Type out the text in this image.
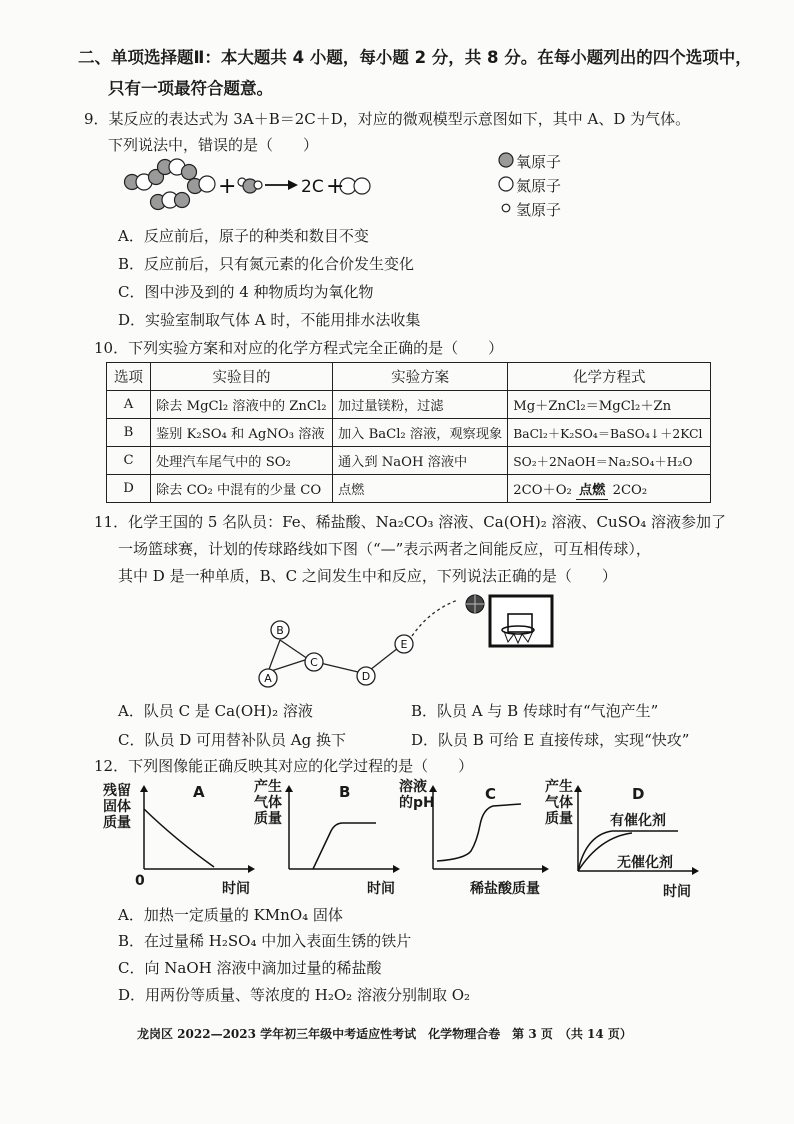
二、单项选择题Ⅱ：本大题共 4 小题，每小题 2 分，共 8 分。在每小题列出的四个选项中，
只有一项最符合题意。
9．某反应的表达式为 3A＋B＝2C＋D，对应的微观模型示意图如下，其中 A、D 为气体。
下列说法中，错误的是（　　）
+	2C +
氧原子
氮原子
氢原子
A．反应前后，原子的种类和数目不变
B．反应前后，只有氮元素的化合价发生变化
C．图中涉及到的 4 种物质均为氧化物
D．实验室制取气体 A 时，不能用排水法收集
10．下列实验方案和对应的化学方程式完全正确的是（　　）
选项	实验目的	实验方案	化学方程式
A	除去 MgCl₂ 溶液中的 ZnCl₂	加过量镁粉，过滤	Mg＋ZnCl₂＝MgCl₂＋Zn
B	鉴别 K₂SO₄ 和 AgNO₃ 溶液	加入 BaCl₂ 溶液，观察现象	BaCl₂＋K₂SO₄＝BaSO₄↓＋2KCl
C	处理汽车尾气中的 SO₂	通入到 NaOH 溶液中	SO₂＋2NaOH＝Na₂SO₄＋H₂O
D	除去 CO₂ 中混有的少量 CO	点燃	2CO＋O₂ 点燃 2CO₂
11．化学王国的 5 名队员：Fe、稀盐酸、Na₂CO₃ 溶液、Ca(OH)₂ 溶液、CuSO₄ 溶液参加了
一场篮球赛，计划的传球路线如下图（“—”表示两者之间能反应，可互相传球），
其中 D 是一种单质，B、C 之间发生中和反应，下列说法正确的是（　　）
B
A
C
D
E
A．队员 C 是 Ca(OH)₂ 溶液	B．队员 A 与 B 传球时有“气泡产生”
C．队员 D 可用替补队员 Ag 换下	D．队员 B 可给 E 直接传球，实现“快攻”
12．下列图像能正确反映其对应的化学过程的是（　　）
残留固体质量
A
0	时间
产生气体质量
B
时间
溶液的pH	C
稀盐酸质量
产生气体质量
D
有催化剂
无催化剂
时间
A．加热一定质量的 KMnO₄ 固体
B．在过量稀 H₂SO₄ 中加入表面生锈的铁片
C．向 NaOH 溶液中滴加过量的稀盐酸
D．用两份等质量、等浓度的 H₂O₂ 溶液分别制取 O₂
龙岗区 2022—2023 学年初三年级中考适应性考试　化学物理合卷　第 3 页　（共 14 页）
